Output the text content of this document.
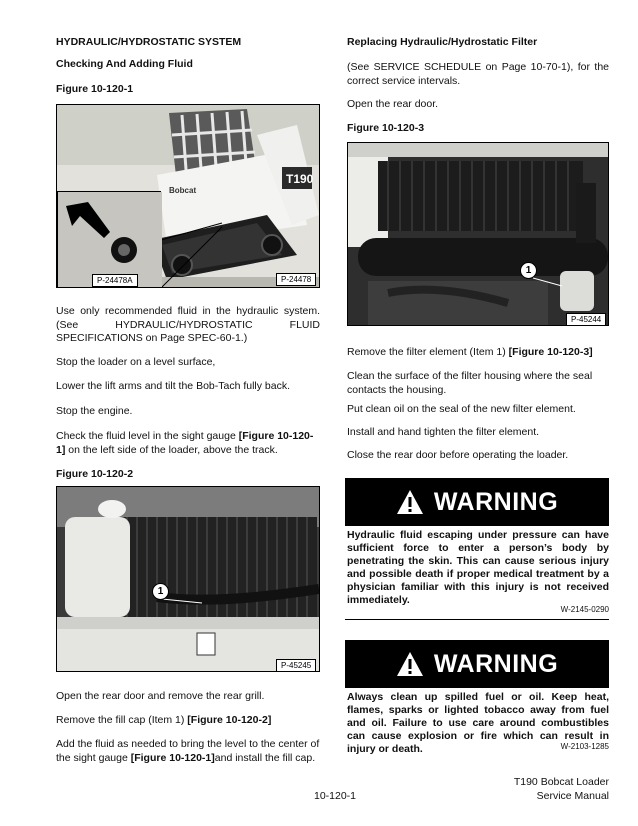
HYDRAULIC/HYDROSTATIC SYSTEM
Checking And Adding Fluid
Figure 10-120-1
T190
Bobcat
P-24478A	P-24478
Use only recommended fluid in the hydraulic system. (See HYDRAULIC/HYDROSTATIC FLUID SPECIFICATIONS on Page SPEC-60-1.)
Stop the loader on a level surface,
Lower the lift arms and tilt the Bob-Tach fully back.
Stop the engine.
Check the fluid level in the sight gauge [Figure 10-120-1] on the left side of the loader, above the track.
Figure 10-120-2
1
P-45245
Open the rear door and remove the rear grill.
Remove the fill cap (Item 1) [Figure 10-120-2]
Add the fluid as needed to bring the level to the center of the sight gauge [Figure 10-120-1]and install the fill cap.
Replacing Hydraulic/Hydrostatic Filter
(See SERVICE SCHEDULE on Page 10-70-1), for the correct service intervals.
Open the rear door.
Figure 10-120-3
1
P-45244
Remove the filter element (Item 1) [Figure 10-120-3]
Clean the surface of the filter housing where the seal contacts the housing.
Put clean oil on the seal of the new filter element.
Install and hand tighten the filter element.
Close the rear door before operating the loader.
WARNING
Hydraulic fluid escaping under pressure can have sufficient force to enter a person’s body by penetrating the skin. This can cause serious injury and possible death if proper medical treatment by a physician familiar with this injury is not received immediately.
W-2145-0290
WARNING
Always clean up spilled fuel or oil. Keep heat, flames, sparks or lighted tobacco away from fuel and oil. Failure to use care around combustibles can cause explosion or fire which can result in injury or death.	W-2103-1285
10-120-1
T190 Bobcat Loader
Service Manual
